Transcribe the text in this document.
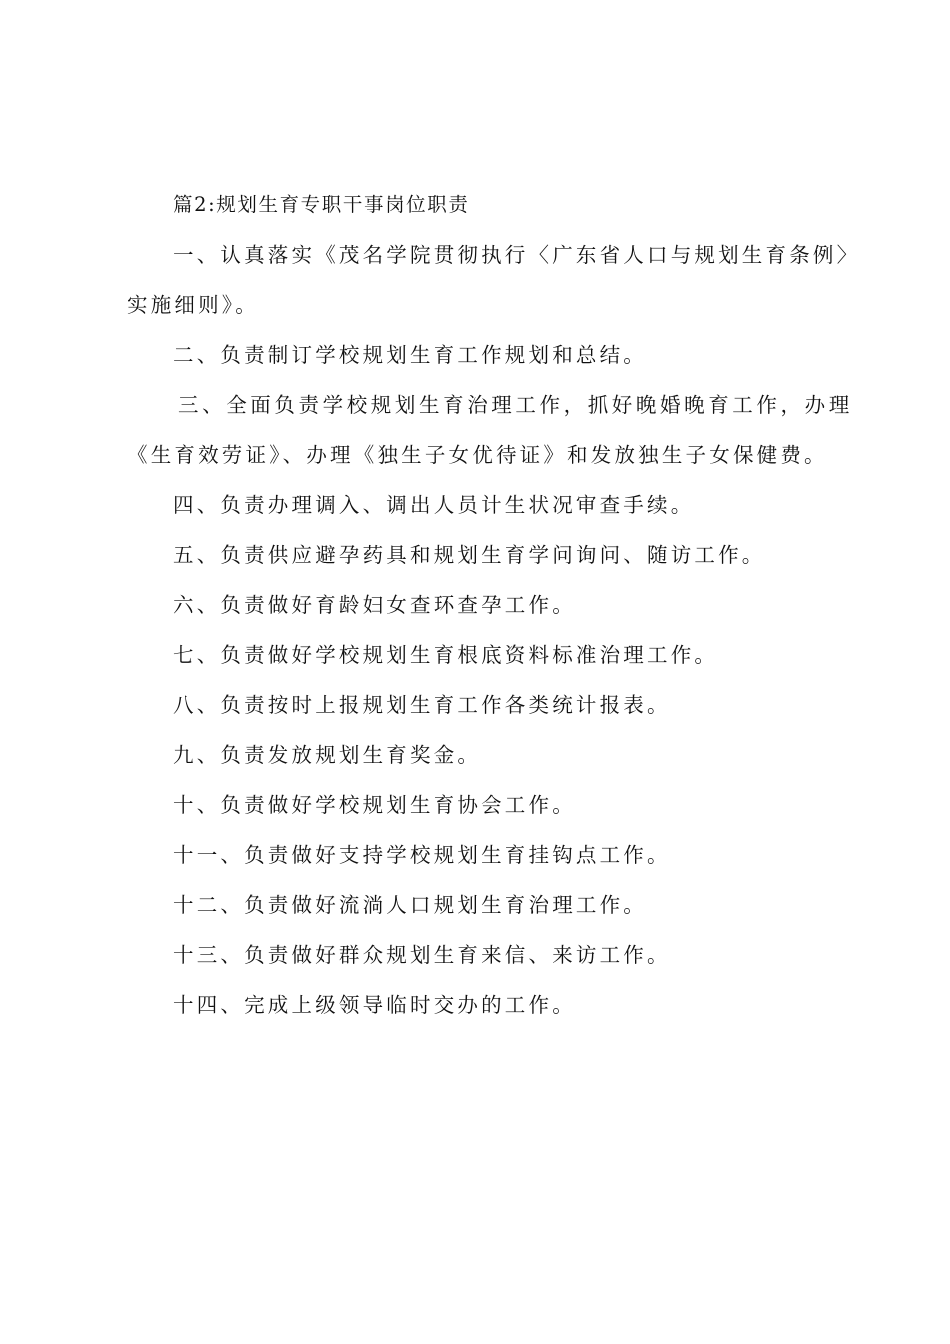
篇2:规划生育专职干事岗位职责
一、认真落实《茂名学院贯彻执行〈广东省人口与规划生育条例〉
实施细则》。
二、负责制订学校规划生育工作规划和总结。
三、全面负责学校规划生育治理工作，抓好晚婚晚育工作，办理
《生育效劳证》、办理《独生子女优待证》和发放独生子女保健费。
四、负责办理调入、调出人员计生状况审查手续。
五、负责供应避孕药具和规划生育学问询问、随访工作。
六、负责做好育龄妇女查环查孕工作。
七、负责做好学校规划生育根底资料标准治理工作。
八、负责按时上报规划生育工作各类统计报表。
九、负责发放规划生育奖金。
十、负责做好学校规划生育协会工作。
十一、负责做好支持学校规划生育挂钩点工作。
十二、负责做好流淌人口规划生育治理工作。
十三、负责做好群众规划生育来信、来访工作。
十四、完成上级领导临时交办的工作。
